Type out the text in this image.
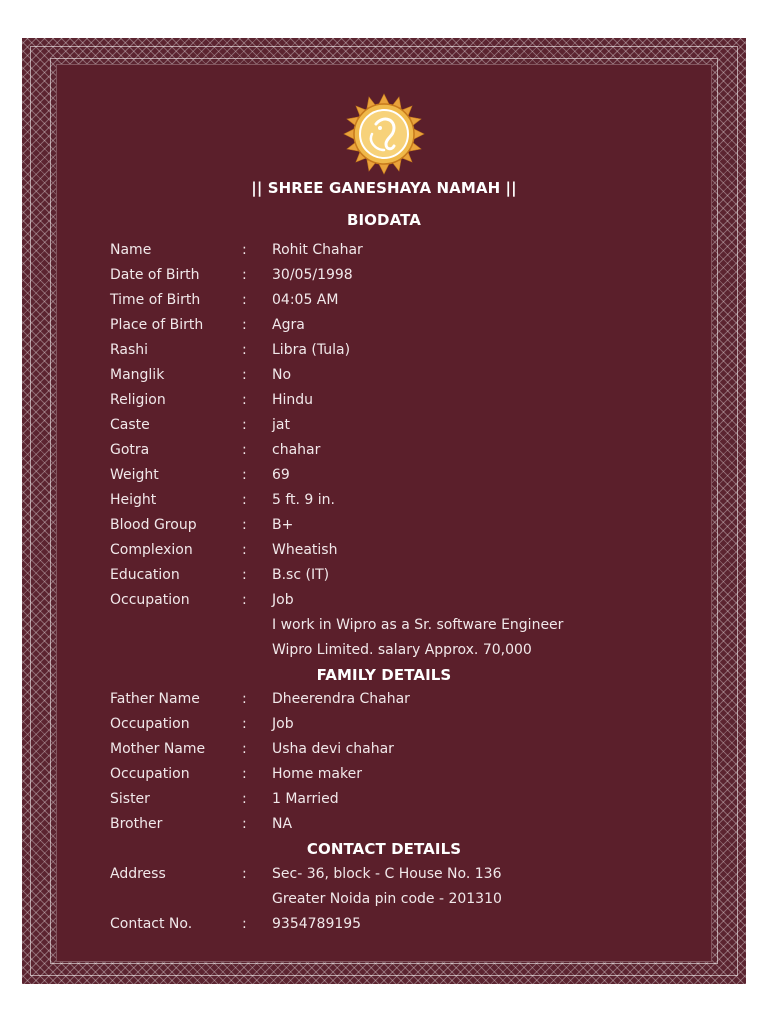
|| SHREE GANESHAYA NAMAH ||
BIODATA
Name	: Rohit Chahar
Date of Birth	: 30/05/1998
Time of Birth	: 04:05 AM
Place of Birth	: Agra
Rashi	: Libra (Tula)
Manglik	: No
Religion	: Hindu
Caste	: jat
Gotra	: chahar
Weight	: 69
Height	: 5 ft. 9 in.
Blood Group	: B+
Complexion	: Wheatish
Education	: B.sc (IT)
Occupation	: Job
I work in Wipro as a Sr. software Engineer
Wipro Limited. salary Approx. 70,000
FAMILY DETAILS
Father Name	: Dheerendra Chahar
Occupation	: Job
Mother Name	: Usha devi chahar
Occupation	: Home maker
Sister	: 1 Married
Brother	: NA
CONTACT DETAILS
Address	: Sec- 36, block - C House No. 136
Greater Noida pin code - 201310
Contact No.	: 9354789195
